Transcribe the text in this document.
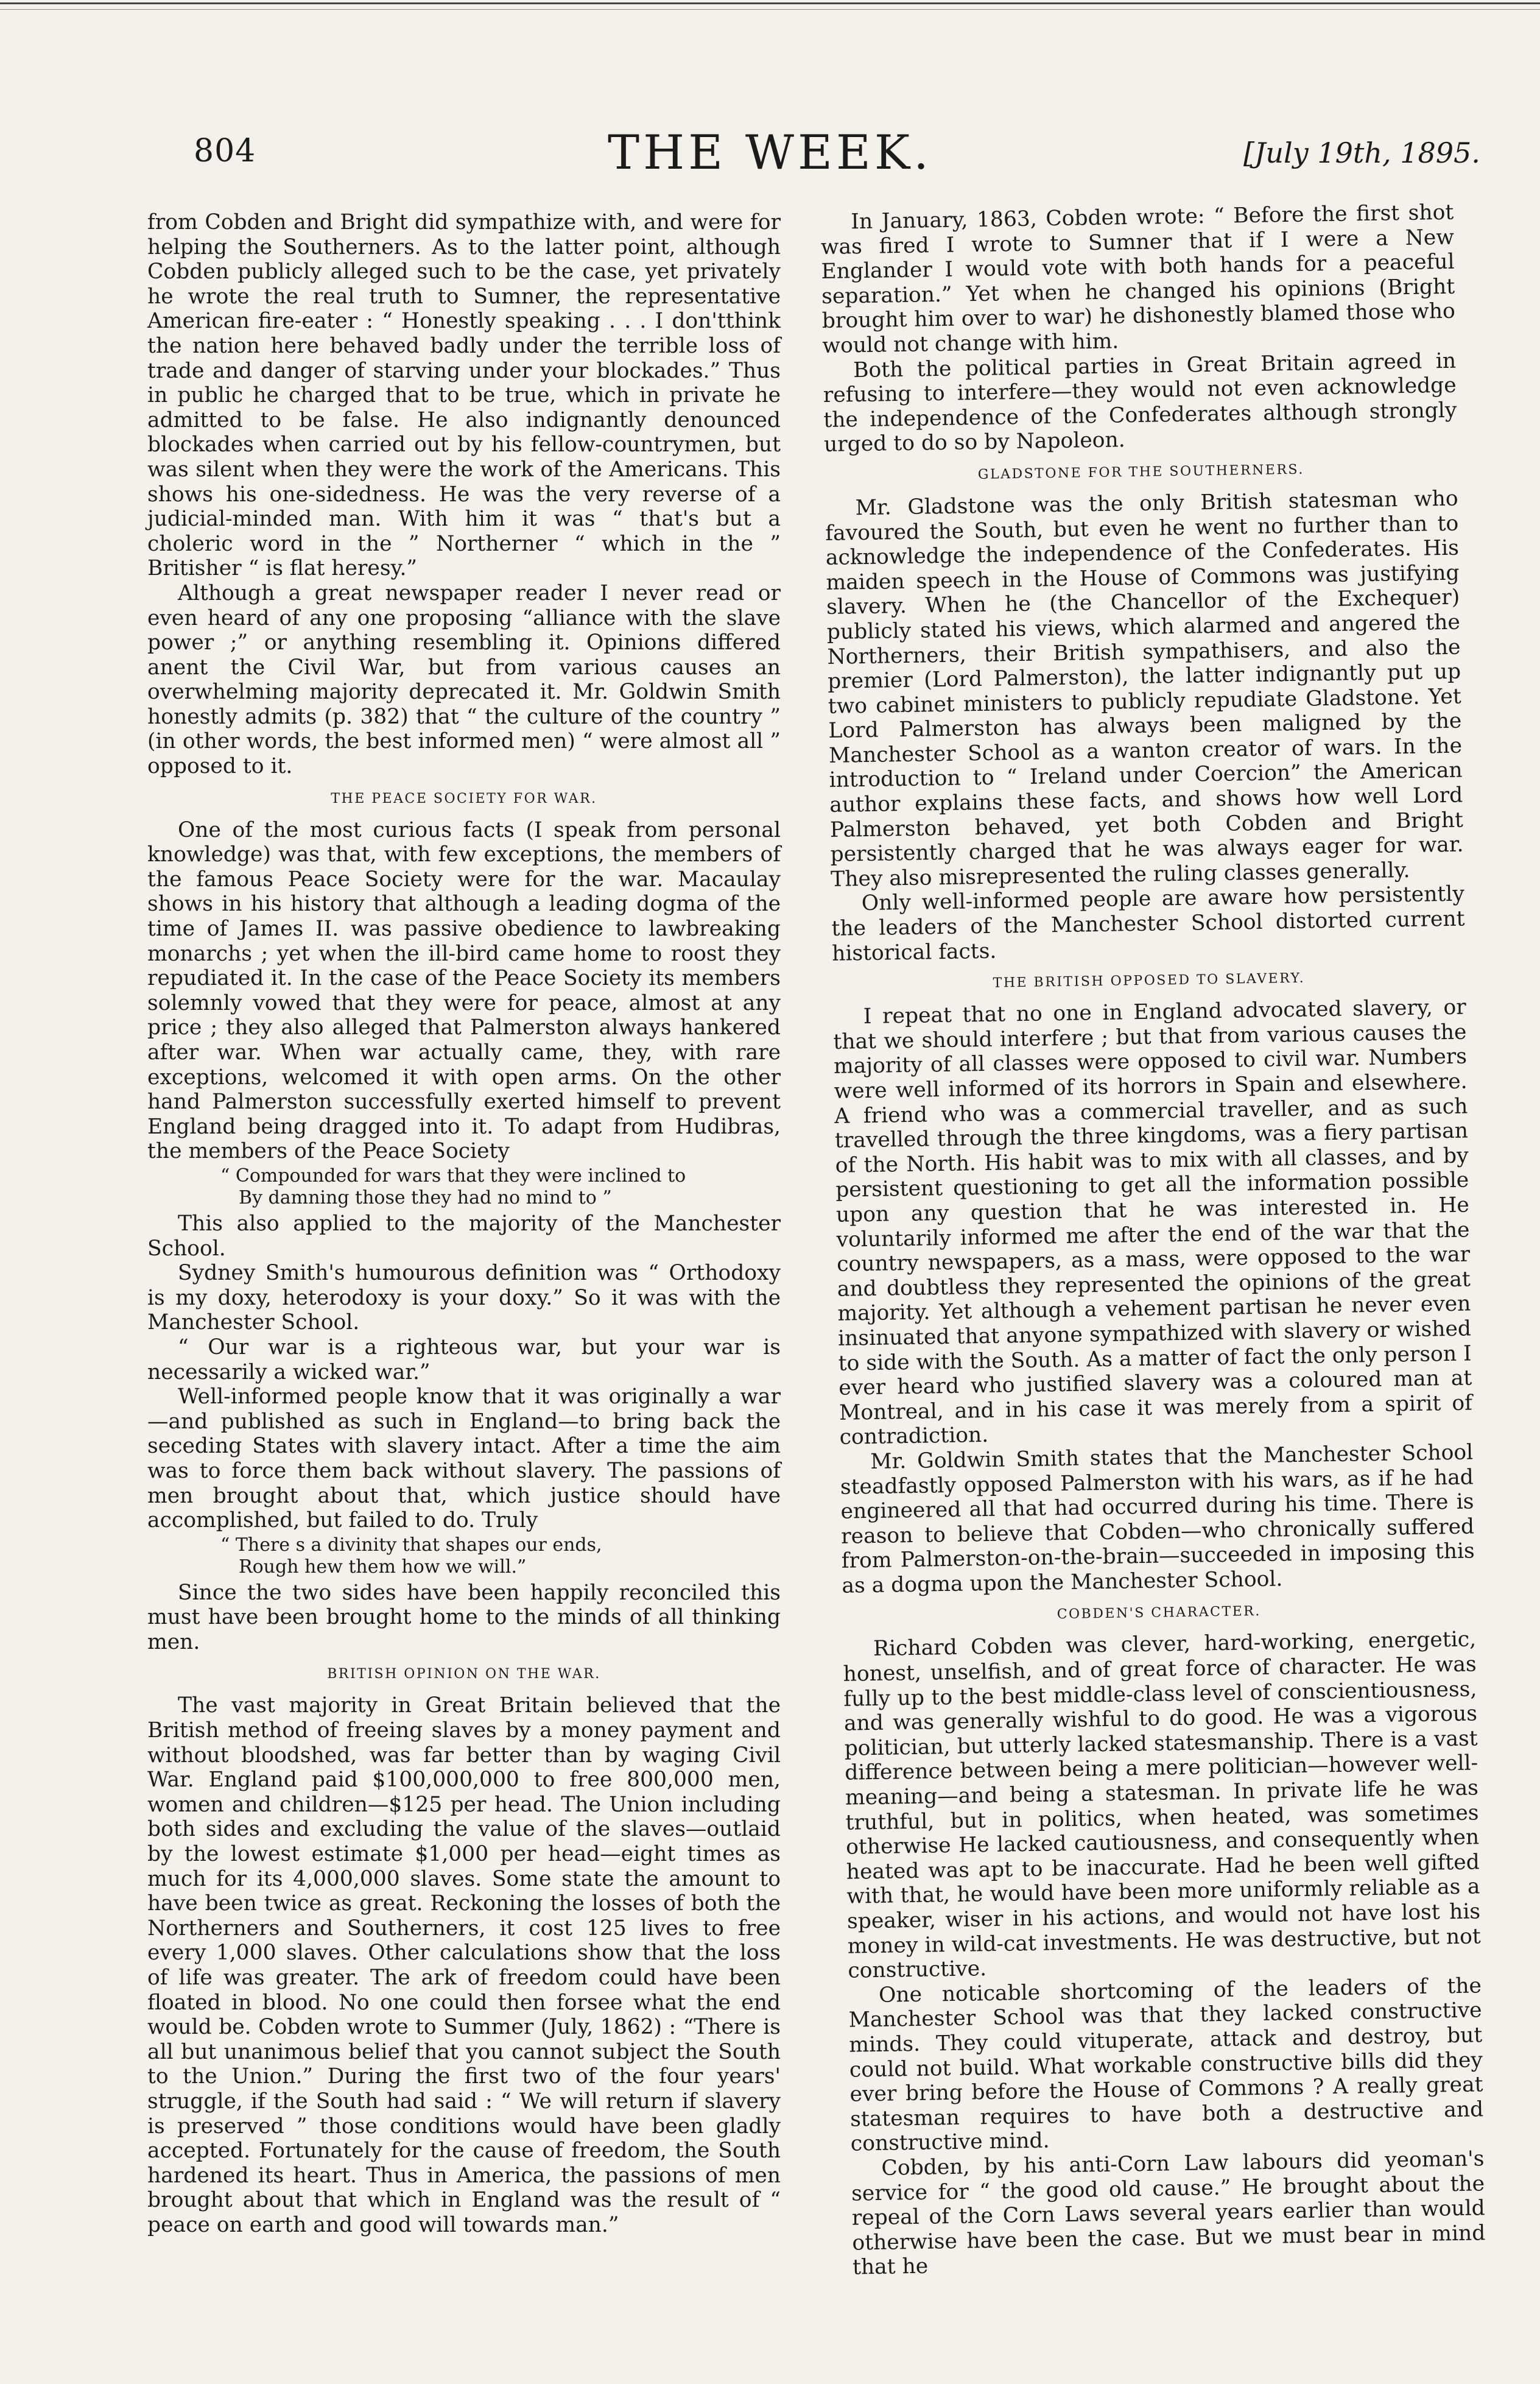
804	THE WEEK.	[July 19th, 1895.

from Cobden and Bright did sympathize with, and were for helping the Southerners. As to the latter point, although Cobden publicly alleged such to be the case, yet privately he wrote the real truth to Sumner, the representative American fire-eater : “ Honestly speaking . . . I don'tthink the nation here behaved badly under the terrible loss of trade and danger of starving under your blockades.” Thus in public he charged that to be true, which in private he admitted to be false. He also indignantly denounced blockades when carried out by his fellow-countrymen, but was silent when they were the work of the Americans. This shows his one-sidedness. He was the very reverse of a judicial-minded man. With him it was “ that's but a choleric word in the ” Northerner “ which in the ” Britisher “ is flat heresy.”

Although a great newspaper reader I never read or even heard of any one proposing “alliance with the slave power ;” or anything resembling it. Opinions differed anent the Civil War, but from various causes an overwhelming majority deprecated it. Mr. Goldwin Smith honestly admits (p. 382) that “ the culture of the country ” (in other words, the best informed men) “ were almost all ” opposed to it.

THE PEACE SOCIETY FOR WAR.

One of the most curious facts (I speak from personal knowledge) was that, with few exceptions, the members of the famous Peace Society were for the war. Macaulay shows in his history that although a leading dogma of the time of James II. was passive obedience to lawbreaking monarchs ; yet when the ill-bird came home to roost they repudiated it. In the case of the Peace Society its members solemnly vowed that they were for peace, almost at any price ; they also alleged that Palmerston always hankered after war. When war actually came, they, with rare exceptions, welcomed it with open arms. On the other hand Palmerston successfully exerted himself to prevent England being dragged into it. To adapt from Hudibras, the members of the Peace Society

“ Compounded for wars that they were inclined to
By damning those they had no mind to ”

This also applied to the majority of the Manchester School.

Sydney Smith's humourous definition was “ Orthodoxy is my doxy, heterodoxy is your doxy.” So it was with the Manchester School.

“ Our war is a righteous war, but your war is necessarily a wicked war.”

Well-informed people know that it was originally a war—and published as such in England—to bring back the seceding States with slavery intact. After a time the aim was to force them back without slavery. The passions of men brought about that, which justice should have accomplished, but failed to do. Truly

“ There s a divinity that shapes our ends,
Rough hew them how we will.”

Since the two sides have been happily reconciled this must have been brought home to the minds of all thinking men.

BRITISH OPINION ON THE WAR.

The vast majority in Great Britain believed that the British method of freeing slaves by a money payment and without bloodshed, was far better than by waging Civil War. England paid $100,000,000 to free 800,000 men, women and children—$125 per head. The Union including both sides and excluding the value of the slaves—outlaid by the lowest estimate $1,000 per head—eight times as much for its 4,000,000 slaves. Some state the amount to have been twice as great. Reckoning the losses of both the Northerners and Southerners, it cost 125 lives to free every 1,000 slaves. Other calculations show that the loss of life was greater. The ark of freedom could have been floated in blood. No one could then forsee what the end would be. Cobden wrote to Summer (July, 1862) : “There is all but unanimous belief that you cannot subject the South to the Union.” During the first two of the four years' struggle, if the South had said : “ We will return if slavery is preserved ” those conditions would have been gladly accepted. Fortunately for the cause of freedom, the South hardened its heart. Thus in America, the passions of men brought about that which in England was the result of “ peace on earth and good will towards man.”

In January, 1863, Cobden wrote: “ Before the first shot was fired I wrote to Sumner that if I were a New Englander I would vote with both hands for a peaceful separation.” Yet when he changed his opinions (Bright brought him over to war) he dishonestly blamed those who would not change with him.

Both the political parties in Great Britain agreed in refusing to interfere—they would not even acknowledge the independence of the Confederates although strongly urged to do so by Napoleon.

GLADSTONE FOR THE SOUTHERNERS.

Mr. Gladstone was the only British statesman who favoured the South, but even he went no further than to acknowledge the independence of the Confederates. His maiden speech in the House of Commons was justifying slavery. When he (the Chancellor of the Exchequer) publicly stated his views, which alarmed and angered the Northerners, their British sympathisers, and also the premier (Lord Palmerston), the latter indignantly put up two cabinet ministers to publicly repudiate Gladstone. Yet Lord Palmerston has always been maligned by the Manchester School as a wanton creator of wars. In the introduction to “ Ireland under Coercion” the American author explains these facts, and shows how well Lord Palmerston behaved, yet both Cobden and Bright persistently charged that he was always eager for war. They also misrepresented the ruling classes generally.

Only well-informed people are aware how persistently the leaders of the Manchester School distorted current historical facts.

THE BRITISH OPPOSED TO SLAVERY.

I repeat that no one in England advocated slavery, or that we should interfere ; but that from various causes the majority of all classes were opposed to civil war. Numbers were well informed of its horrors in Spain and elsewhere. A friend who was a commercial traveller, and as such travelled through the three kingdoms, was a fiery partisan of the North. His habit was to mix with all classes, and by persistent questioning to get all the information possible upon any question that he was interested in. He voluntarily informed me after the end of the war that the country newspapers, as a mass, were opposed to the war and doubtless they represented the opinions of the great majority. Yet although a vehement partisan he never even insinuated that anyone sympathized with slavery or wished to side with the South. As a matter of fact the only person I ever heard who justified slavery was a coloured man at Montreal, and in his case it was merely from a spirit of contradiction.

Mr. Goldwin Smith states that the Manchester School steadfastly opposed Palmerston with his wars, as if he had engineered all that had occurred during his time. There is reason to believe that Cobden—who chronically suffered from Palmerston-on-the-brain—succeeded in imposing this as a dogma upon the Manchester School.

COBDEN'S CHARACTER.

Richard Cobden was clever, hard-working, energetic, honest, unselfish, and of great force of character. He was fully up to the best middle-class level of conscientiousness, and was generally wishful to do good. He was a vigorous politician, but utterly lacked statesmanship. There is a vast difference between being a mere politician—however well-meaning—and being a statesman. In private life he was truthful, but in politics, when heated, was sometimes otherwise He lacked cautiousness, and consequently when heated was apt to be inaccurate. Had he been well gifted with that, he would have been more uniformly reliable as a speaker, wiser in his actions, and would not have lost his money in wild-cat investments. He was destructive, but not constructive.

One noticable shortcoming of the leaders of the Manchester School was that they lacked constructive minds. They could vituperate, attack and destroy, but could not build. What workable constructive bills did they ever bring before the House of Commons ? A really great statesman requires to have both a destructive and constructive mind.

Cobden, by his anti-Corn Law labours did yeoman's service for “ the good old cause.” He brought about the repeal of the Corn Laws several years earlier than would otherwise have been the case. But we must bear in mind that he
